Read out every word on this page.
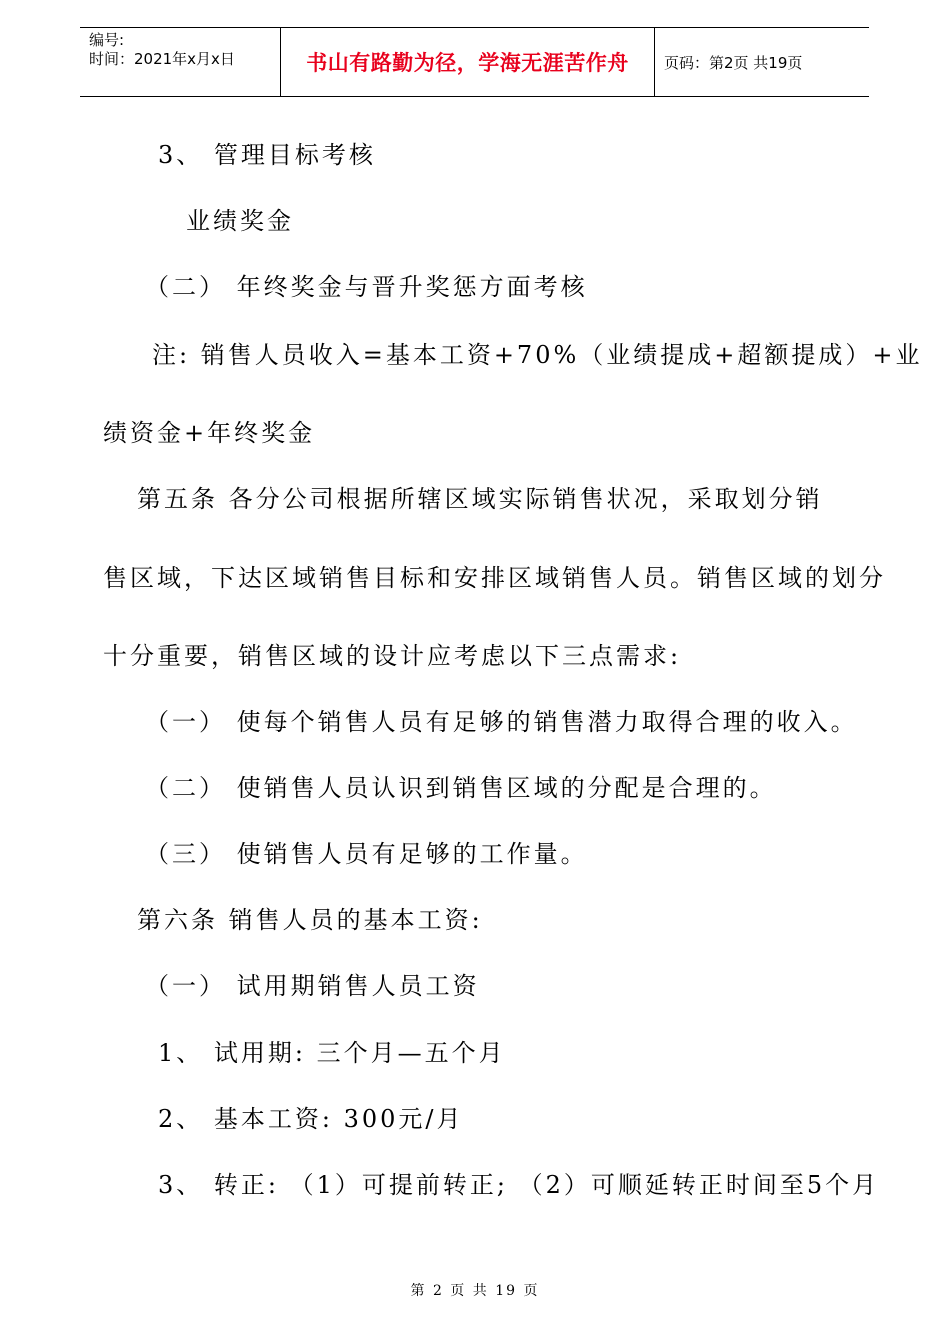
编号:
时间：2021年x月x日	书山有路勤为径，学海无涯苦作舟 页码：第2页 共19页
3、 管理目标考核
业绩奖金
（二） 年终奖金与晋升奖惩方面考核
注: 销售人员收入=基本工资+70%（业绩提成+超额提成）+业
绩资金+年终奖金
第五条 各分公司根据所辖区域实际销售状况，采取划分销
售区域，下达区域销售目标和安排区域销售人员。销售区域的划分
十分重要，销售区域的设计应考虑以下三点需求:
（一） 使每个销售人员有足够的销售潜力取得合理的收入。
（二） 使销售人员认识到销售区域的分配是合理的。
（三） 使销售人员有足够的工作量。
第六条 销售人员的基本工资:
（一） 试用期销售人员工资
1、 试用期: 三个月—五个月
2、 基本工资: 300元/月
3、 转正: （1）可提前转正; （2）可顺延转正时间至5个月
第 2 页 共 19 页
